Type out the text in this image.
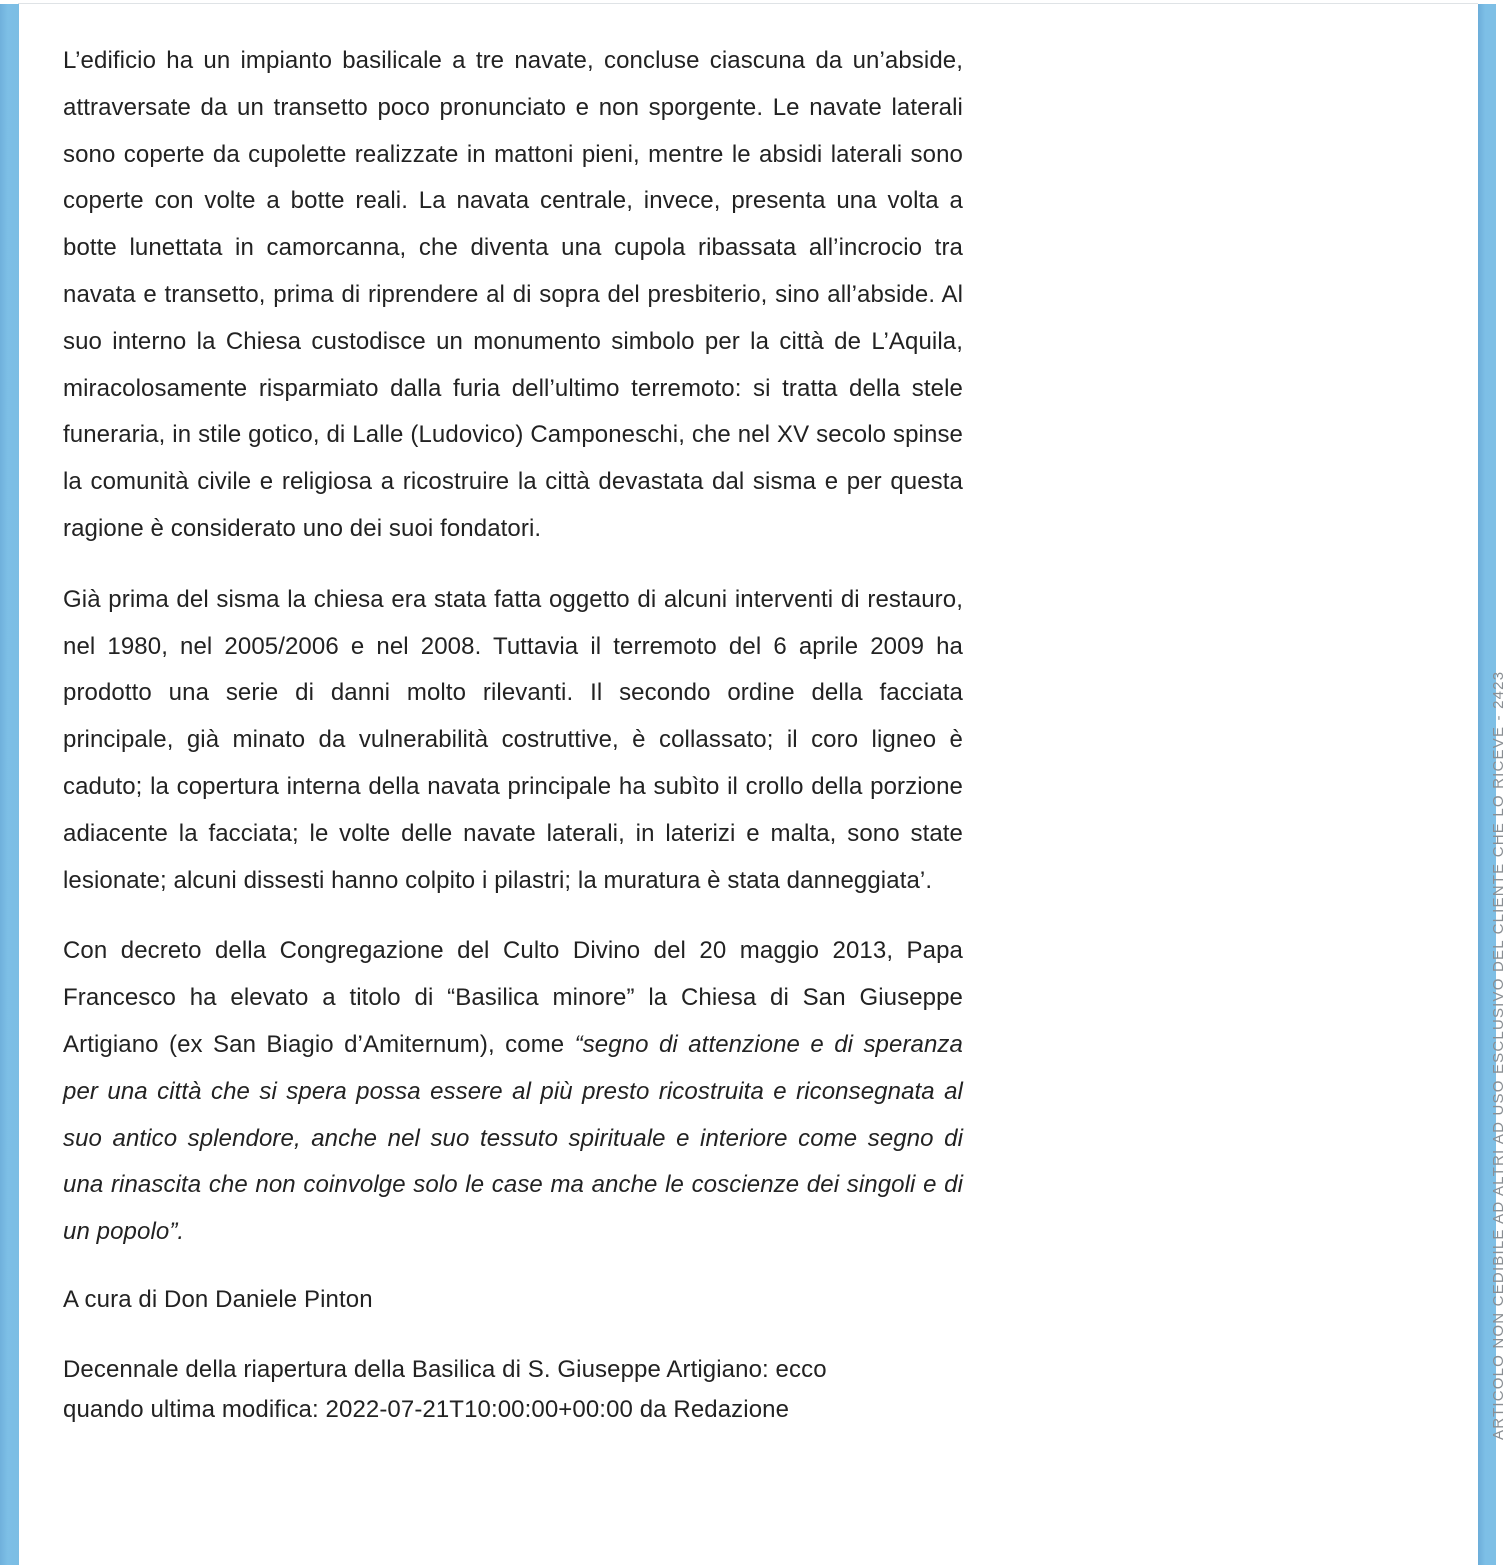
ARTICOLO NON CEDIBILE AD ALTRI AD USO ESCLUSIVO DEL CLIENTE CHE LO RICEVE - 2423

L’edificio ha un impianto basilicale a tre navate, concluse ciascuna da un’abside, attraversate da un transetto poco pronunciato e non sporgente. Le navate laterali sono coperte da cupolette realizzate in mattoni pieni, mentre le absidi laterali sono coperte con volte a botte reali. La navata centrale, invece, presenta una volta a botte lunettata in camorcanna, che diventa una cupola ribassata all’incrocio tra navata e transetto, prima di riprendere al di sopra del presbiterio, sino all’abside. Al suo interno la Chiesa custodisce un monumento simbolo per la città de L’Aquila, miracolosamente risparmiato dalla furia dell’ultimo terremoto: si tratta della stele funeraria, in stile gotico, di Lalle (Ludovico) Camponeschi, che nel XV secolo spinse la comunità civile e religiosa a ricostruire la città devastata dal sisma e per questa ragione è considerato uno dei suoi fondatori.

Già prima del sisma la chiesa era stata fatta oggetto di alcuni interventi di restauro, nel 1980, nel 2005/2006 e nel 2008. Tuttavia il terremoto del 6 aprile 2009 ha prodotto una serie di danni molto rilevanti. Il secondo ordine della facciata principale, già minato da vulnerabilità costruttive, è collassato; il coro ligneo è caduto; la copertura interna della navata principale ha subìto il crollo della porzione adiacente la facciata; le volte delle navate laterali, in laterizi e malta, sono state lesionate; alcuni dissesti hanno colpito i pilastri; la muratura è stata danneggiata’.

Con decreto della Congregazione del Culto Divino del 20 maggio 2013, Papa Francesco ha elevato a titolo di “Basilica minore” la Chiesa di San Giuseppe Artigiano (ex San Biagio d’Amiternum), come “segno di attenzione e di speranza per una città che si spera possa essere al più presto ricostruita e riconsegnata al suo antico splendore, anche nel suo tessuto spirituale e interiore come segno di una rinascita che non coinvolge solo le case ma anche le coscienze dei singoli e di un popolo”.

A cura di Don Daniele Pinton

Decennale della riapertura della Basilica di S. Giuseppe Artigiano: ecco
quando ultima modifica: 2022-07-21T10:00:00+00:00 da Redazione
